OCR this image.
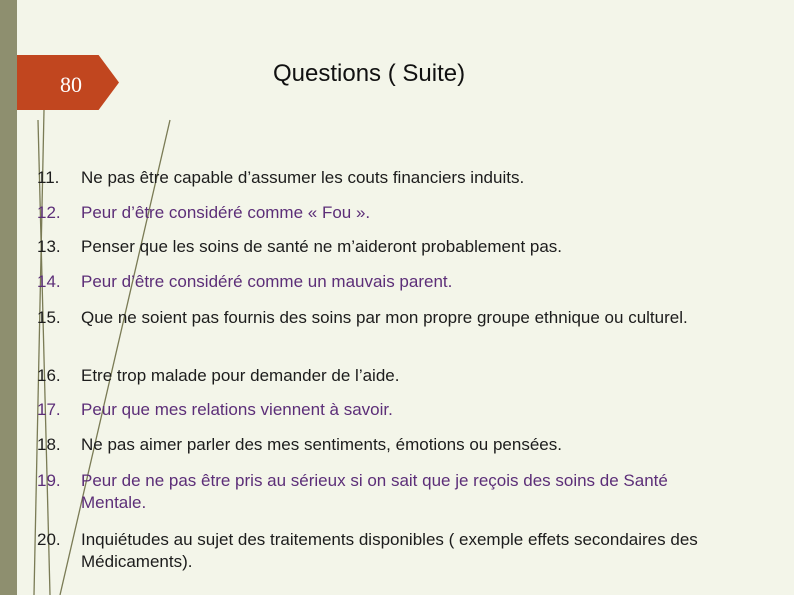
80	Questions ( Suite)
11.	Ne pas être capable d’assumer les couts financiers induits.
12.	Peur d’être considéré comme « Fou ».
13.	Penser que les soins de santé ne m’aideront probablement pas.
14.	Peur d’être considéré comme un mauvais parent.
15.	Que ne soient pas fournis des soins par mon propre groupe ethnique ou culturel.
16.	Etre trop malade pour demander de l’aide.
17.	Peur que mes relations viennent à savoir.
18.	Ne pas aimer parler des mes sentiments, émotions ou pensées.
19.	Peur de ne pas être pris au sérieux si on sait que je reçois des soins de Santé Mentale.
20.	Inquiétudes au sujet des traitements disponibles ( exemple effets secondaires des Médicaments).
